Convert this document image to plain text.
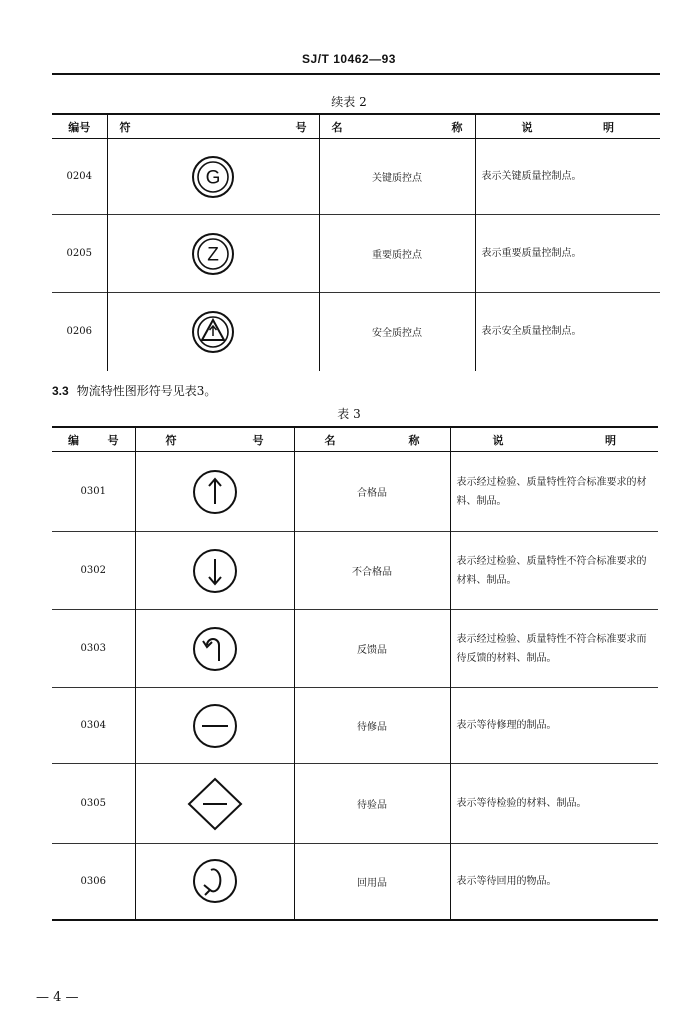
SJ/T 10462—93
续表 2
编号	符 号	名 称	说 明

0204	G	关键质控点	表示关键质量控制点。
0205	Z	重要质控点	表示重要质量控制点。
0206		安全质控点	表示安全质量控制点。
3.3 物流特性图形符号见表3。
表 3
编 号	符 号	名 称	说 明

0301		合格品	表示经过检验、质量特性符合标准要求的材料、制品。
0302		不合格品	表示经过检验、质量特性不符合标准要求的材料、制品。
0303		反馈品	表示经过检验、质量特性不符合标准要求而待反馈的材料、制品。
0304		待修品	表示等待修理的制品。
0305		待验品	表示等待检验的材料、制品。
0306		回用品	表示等待回用的物品。
— 4 —
